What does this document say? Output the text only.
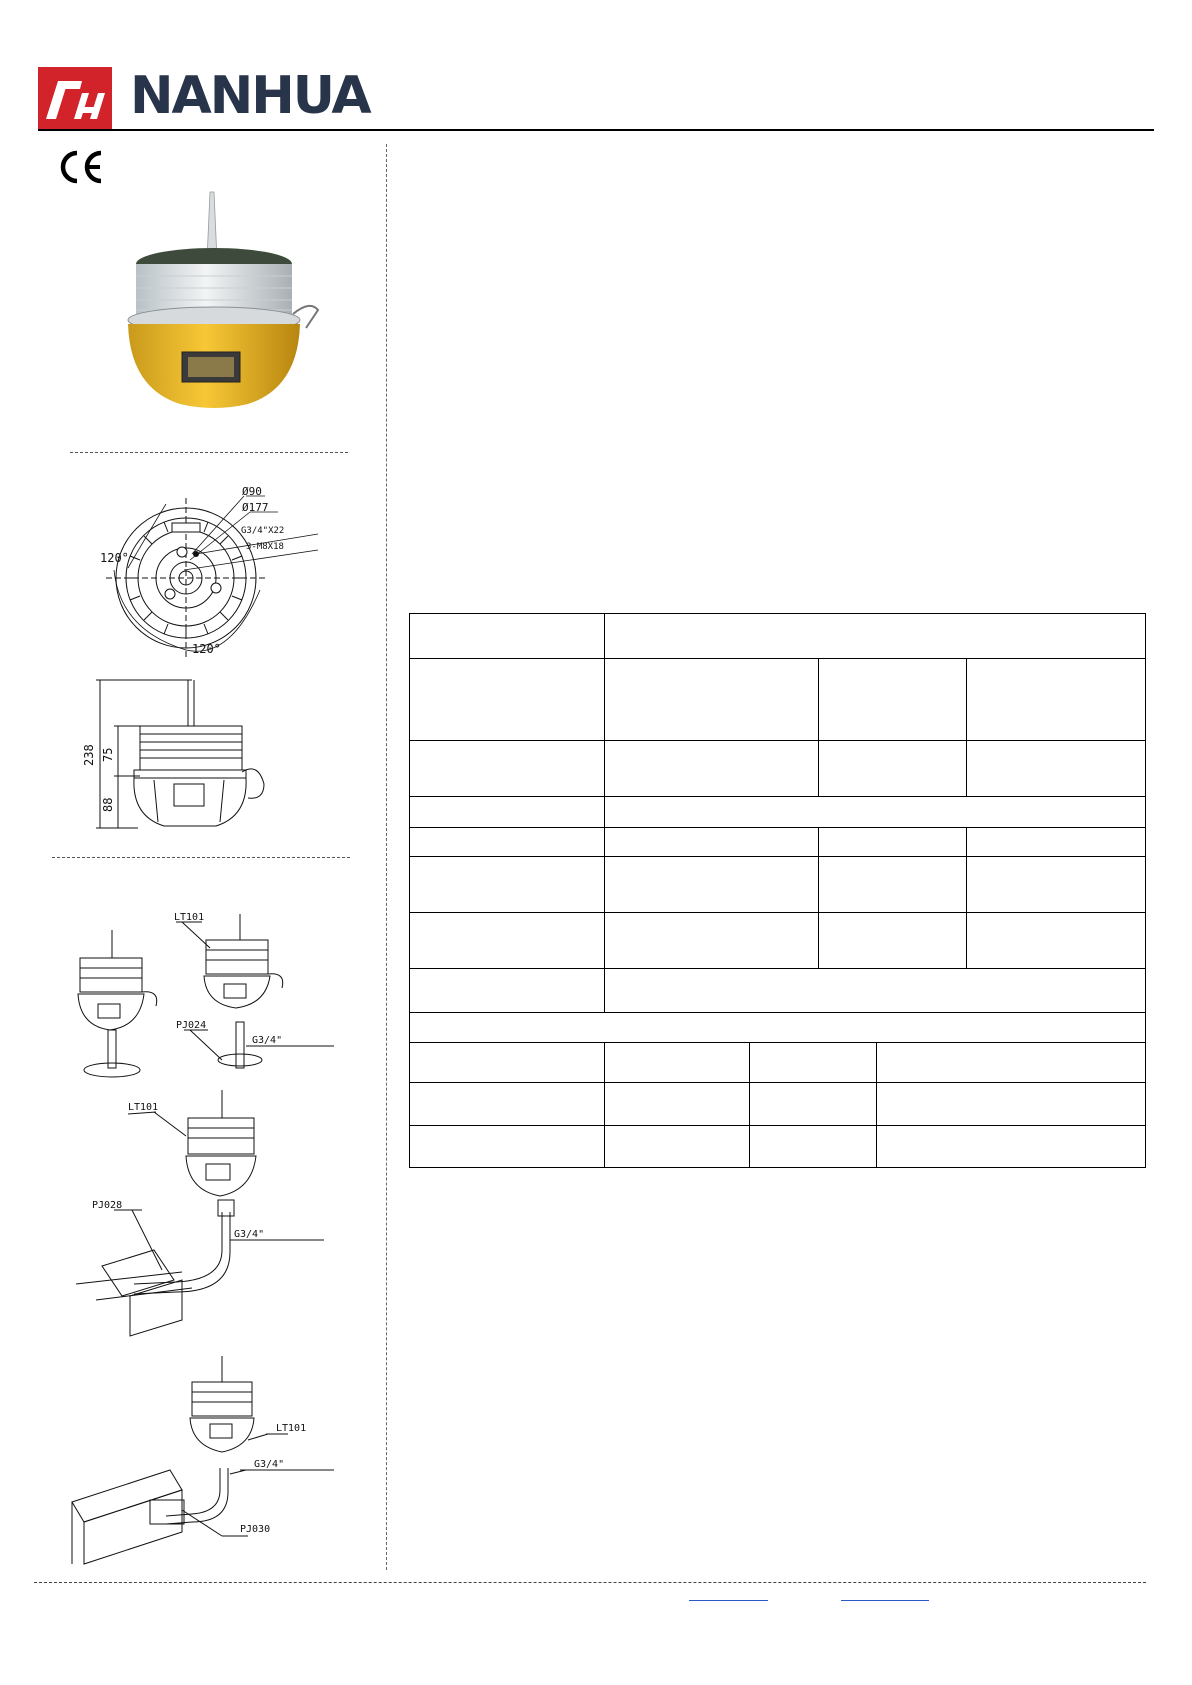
NANHUA
Ø90
Ø177
G3/4"X22
3-M8X18
120°
120°
238 75
88
LT101
PJ024
G3/4"
LT101
PJ028
G3/4"
LT101
G3/4"
PJ030
